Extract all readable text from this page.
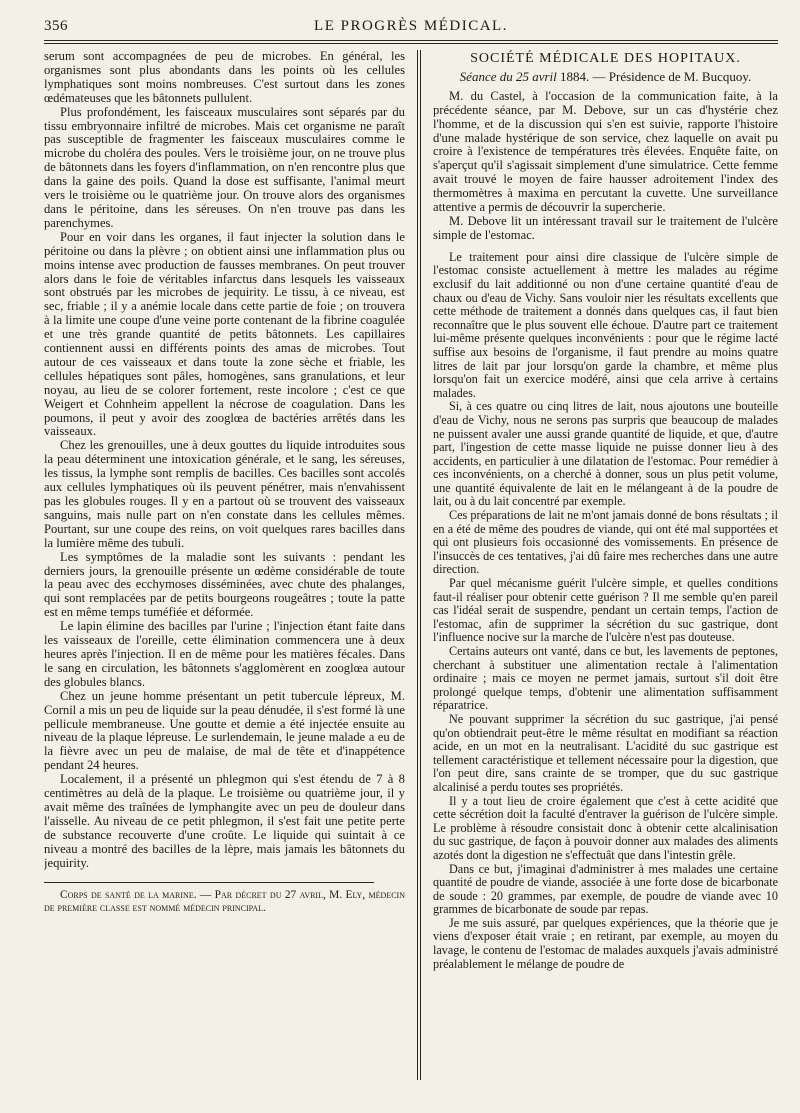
356	LE PROGRÈS MÉDICAL.

serum sont accompagnées de peu de microbes. En général, les organismes sont plus abondants dans les points où les cellules lymphatiques sont moins nombreuses. C'est surtout dans les zones œdémateuses que les bâtonnets pullulent.

Plus profondément, les faisceaux musculaires sont séparés par du tissu embryonnaire infiltré de microbes. Mais cet organisme ne paraît pas susceptible de fragmenter les faisceaux musculaires comme le microbe du choléra des poules. Vers le troisième jour, on ne trouve plus de bâtonnets dans les foyers d'inflammation, on n'en rencontre plus que dans la gaine des poils. Quand la dose est suffisante, l'animal meurt vers le troisième ou le quatrième jour. On trouve alors des organismes dans le péritoine, dans les séreuses. On n'en trouve pas dans les parenchymes.

Pour en voir dans les organes, il faut injecter la solution dans le péritoine ou dans la plèvre ; on obtient ainsi une inflammation plus ou moins intense avec production de fausses membranes. On peut trouver alors dans le foie de véritables infarctus dans lesquels les vaisseaux sont obstrués par les microbes de jequirity. Le tissu, à ce niveau, est sec, friable ; il y a anémie locale dans cette partie de foie ; on trouvera à la limite une coupe d'une veine porte contenant de la fibrine coagulée et une très grande quantité de petits bâtonnets. Les capillaires contiennent aussi en différents points des amas de microbes. Tout autour de ces vaisseaux et dans toute la zone sèche et friable, les cellules hépatiques sont pâles, homogènes, sans granulations, et leur noyau, au lieu de se colorer fortement, reste incolore ; c'est ce que Weigert et Cohnheim appellent la nécrose de coagulation. Dans les poumons, il peut y avoir des zooglœa de bactéries arrêtés dans les vaisseaux.

Chez les grenouilles, une à deux gouttes du liquide introduites sous la peau déterminent une intoxication générale, et le sang, les séreuses, les tissus, la lymphe sont remplis de bacilles. Ces bacilles sont accolés aux cellules lymphatiques où ils peuvent pénétrer, mais n'envahissent pas les globules rouges. Il y en a partout où se trouvent des vaisseaux sanguins, mais nulle part on n'en constate dans les cellules mêmes. Pourtant, sur une coupe des reins, on voit quelques rares bacilles dans la lumière même des tubuli.

Les symptômes de la maladie sont les suivants : pendant les derniers jours, la grenouille présente un œdème considérable de toute la peau avec des ecchymoses disséminées, avec chute des phalanges, qui sont remplacées par de petits bourgeons rougeâtres ; toute la patte est en même temps tuméfiée et déformée.

Le lapin élimine des bacilles par l'urine ; l'injection étant faite dans les vaisseaux de l'oreille, cette élimination commencera une à deux heures après l'injection. Il en de même pour les matières fécales. Dans le sang en circulation, les bâtonnets s'agglomèrent en zooglœa autour des globules blancs.

Chez un jeune homme présentant un petit tubercule lépreux, M. Cornil a mis un peu de liquide sur la peau dénudée, il s'est formé là une pellicule membraneuse. Une goutte et demie a été injectée ensuite au niveau de la plaque lépreuse. Le surlendemain, le jeune malade a eu de la fièvre avec un peu de malaise, de mal de tête et d'inappétence pendant 24 heures.

Localement, il a présenté un phlegmon qui s'est étendu de 7 à 8 centimètres au delà de la plaque. Le troisième ou quatrième jour, il y avait même des traînées de lymphangite avec un peu de douleur dans l'aisselle. Au niveau de ce petit phlegmon, il s'est fait une petite perte de substance recouverte d'une croûte. Le liquide qui suintait à ce niveau a montré des bacilles de la lèpre, mais jamais les bâtonnets du jequirity.

Corps de santé de la marine. — Par décret du 27 avril, M. Ely, médecin de première classe est nommé médecin principal.

SOCIÉTÉ MÉDICALE DES HOPITAUX.
Séance du 25 avril 1884. — Présidence de M. Bucquoy.

M. du Castel, à l'occasion de la communication faite, à la précédente séance, par M. Debove, sur un cas d'hystérie chez l'homme, et de la discussion qui s'en est suivie, rapporte l'histoire d'une malade hystérique de son service, chez laquelle on avait pu croire à l'existence de températures très élevées. Enquête faite, on s'aperçut qu'il s'agissait simplement d'une simulatrice. Cette femme avait trouvé le moyen de faire hausser adroitement l'index des thermomètres à maxima en percutant la cuvette. Une surveillance attentive a permis de découvrir la supercherie.

M. Debove lit un intéressant travail sur le traitement de l'ulcère simple de l'estomac.

Le traitement pour ainsi dire classique de l'ulcère simple de l'estomac consiste actuellement à mettre les malades au régime exclusif du lait additionné ou non d'une certaine quantité d'eau de chaux ou d'eau de Vichy. Sans vouloir nier les résultats excellents que cette méthode de traitement a donnés dans quelques cas, il faut bien reconnaître que le plus souvent elle échoue. D'autre part ce traitement lui-même présente quelques inconvénients : pour que le régime lacté suffise aux besoins de l'organisme, il faut prendre au moins quatre litres de lait par jour lorsqu'on garde la chambre, et même plus lorsqu'on fait un exercice modéré, ainsi que cela arrive à certains malades.

Si, à ces quatre ou cinq litres de lait, nous ajoutons une bouteille d'eau de Vichy, nous ne serons pas surpris que beaucoup de malades ne puissent avaler une aussi grande quantité de liquide, et que, d'autre part, l'ingestion de cette masse liquide ne puisse donner lieu à des accidents, en particulier à une dilatation de l'estomac. Pour remédier à ces inconvénients, on a cherché à donner, sous un plus petit volume, une quantité équivalente de lait en le mélangeant à de la poudre de lait, ou à du lait concentré par exemple.

Ces préparations de lait ne m'ont jamais donné de bons résultats ; il en a été de même des poudres de viande, qui ont été mal supportées et qui ont plusieurs fois occasionné des vomissements. En présence de l'insuccès de ces tentatives, j'ai dû faire mes recherches dans une autre direction.

Par quel mécanisme guérit l'ulcère simple, et quelles conditions faut-il réaliser pour obtenir cette guérison ? Il me semble qu'en pareil cas l'idéal serait de suspendre, pendant un certain temps, l'action de l'estomac, afin de supprimer la sécrétion du suc gastrique, dont l'influence nocive sur la marche de l'ulcère n'est pas douteuse.

Certains auteurs ont vanté, dans ce but, les lavements de peptones, cherchant à substituer une alimentation rectale à l'alimentation ordinaire ; mais ce moyen ne permet jamais, surtout s'il doit être prolongé quelque temps, d'obtenir une alimentation suffisamment réparatrice.

Ne pouvant supprimer la sécrétion du suc gastrique, j'ai pensé qu'on obtiendrait peut-être le même résultat en modifiant sa réaction acide, en un mot en la neutralisant. L'acidité du suc gastrique est tellement caractéristique et tellement nécessaire pour la digestion, que l'on peut dire, sans crainte de se tromper, que du suc gastrique alcalinisé a perdu toutes ses propriétés.

Il y a tout lieu de croire également que c'est à cette acidité que cette sécrétion doit la faculté d'entraver la guérison de l'ulcère simple. Le problème à résoudre consistait donc à obtenir cette alcalinisation du suc gastrique, de façon à pouvoir donner aux malades des aliments azotés dont la digestion ne s'effectuât que dans l'intestin grêle.

Dans ce but, j'imaginai d'administrer à mes malades une certaine quantité de poudre de viande, associée à une forte dose de bicarbonate de soude : 20 grammes, par exemple, de poudre de viande avec 10 grammes de bicarbonate de soude par repas.

Je me suis assuré, par quelques expériences, que la théorie que je viens d'exposer était vraie ; en retirant, par exemple, au moyen du lavage, le contenu de l'estomac de malades auxquels j'avais administré préalablement le mélange de poudre de
